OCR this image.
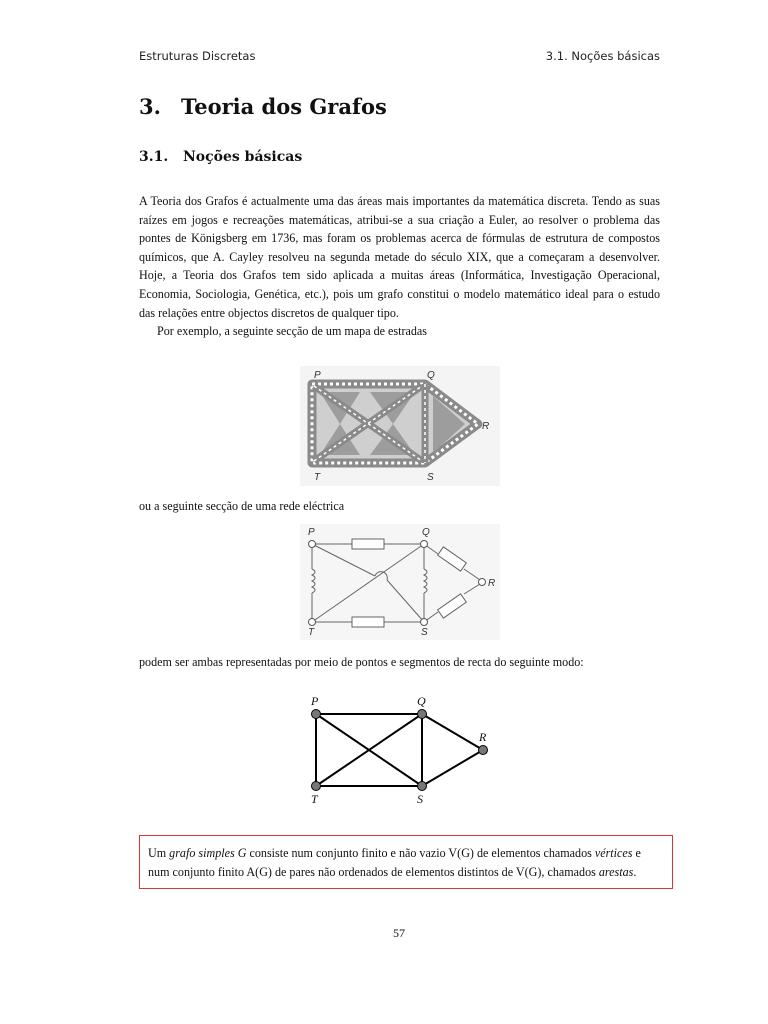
Estruturas Discretas	3.1. Noções básicas
3. Teoria dos Grafos
3.1. Noções básicas

A Teoria dos Grafos é actualmente uma das áreas mais importantes da matemática discreta. Tendo as suas raízes em jogos e recreações matemáticas, atribui-se a sua criação a Euler, ao resolver o problema das pontes de Königsberg em 1736, mas foram os problemas acerca de fórmulas de estrutura de compostos químicos, que A. Cayley resolveu na segunda metade do século XIX, que a começaram a desenvolver. Hoje, a Teoria dos Grafos tem sido aplicada a muitas áreas (Informática, Investigação Operacional, Economia, Sociologia, Genética, etc.), pois um grafo constitui o modelo matemático ideal para o estudo das relações entre objectos discretos de qualquer tipo.

Por exemplo, a seguinte secção de um mapa de estradas

P	Q
R
S
T
ou a seguinte secção de uma rede eléctrica
P	Q
R
S
T
podem ser ambas representadas por meio de pontos e segmentos de recta do seguinte modo:
P	Q
R
S
T
Um grafo simples G consiste num conjunto finito e não vazio V(G) de elementos chamados vértices e num conjunto finito A(G) de pares não ordenados de elementos distintos de V(G), chamados arestas.
57
